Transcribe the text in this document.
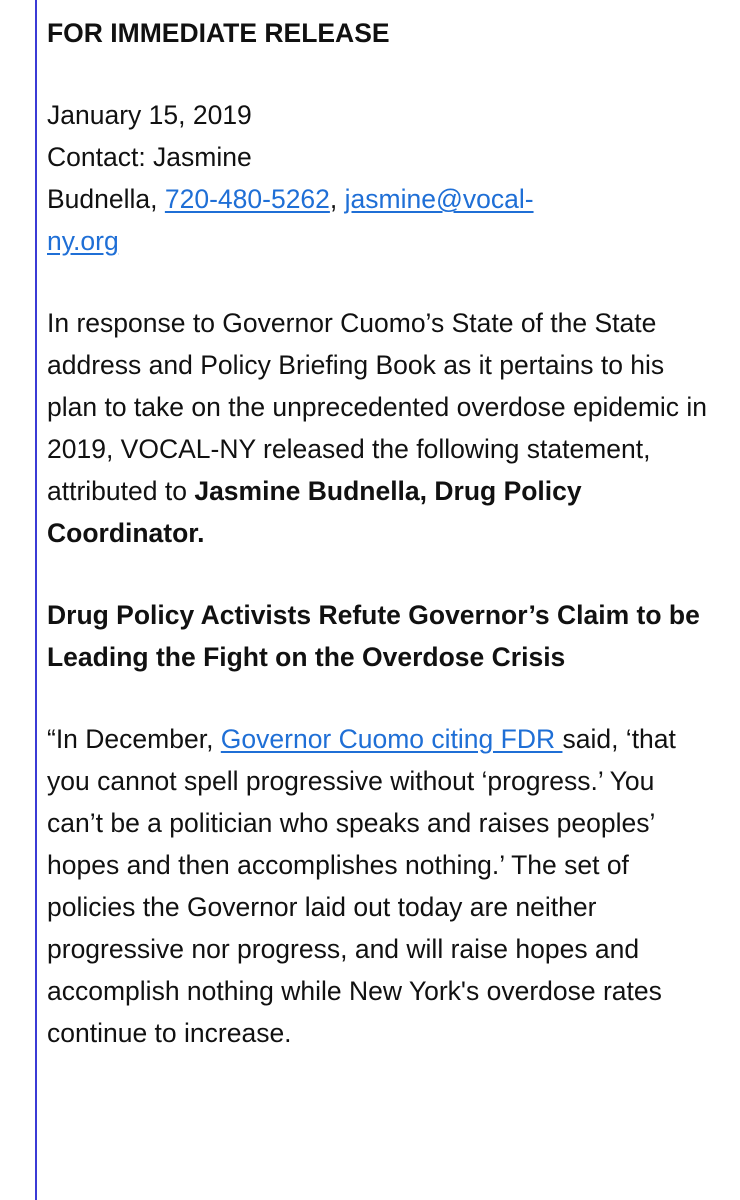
FOR IMMEDIATE RELEASE

January 15, 2019
Contact: Jasmine
Budnella, 720-480-5262, jasmine@vocal-
ny.org

In response to Governor Cuomo’s State of the State address and Policy Briefing Book as it pertains to his plan to take on the unprecedented overdose epidemic in 2019, VOCAL-NY released the following statement, attributed to Jasmine Budnella, Drug Policy Coordinator.

Drug Policy Activists Refute Governor’s Claim to be Leading the Fight on the Overdose Crisis

“In December, Governor Cuomo citing FDR said, ‘that you cannot spell progressive without ‘progress.’ You can’t be a politician who speaks and raises peoples’ hopes and then accomplishes nothing.’ The set of policies the Governor laid out today are neither progressive nor progress, and will raise hopes and accomplish nothing while New York's overdose rates continue to increase.
